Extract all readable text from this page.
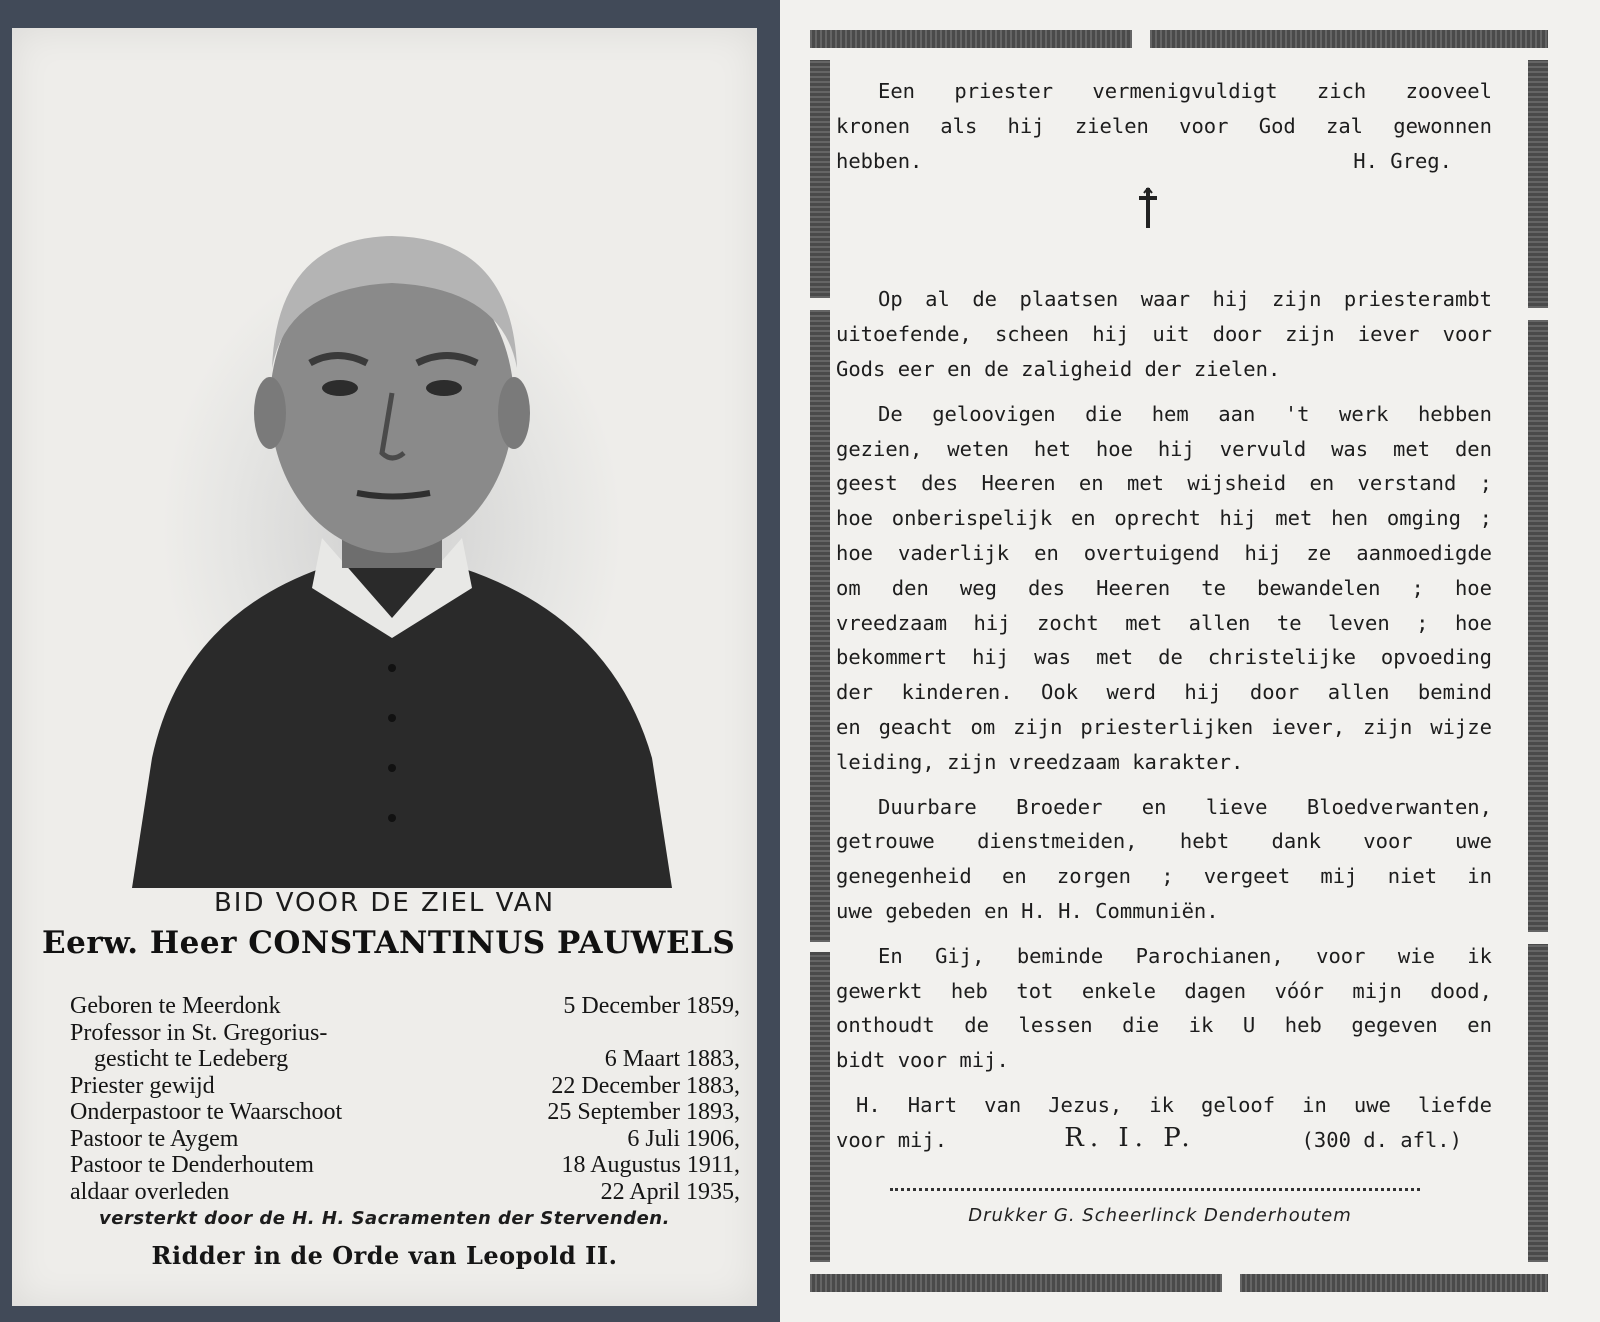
BID VOOR DE ZIEL VAN
Eerw. Heer CONSTANTINUS PAUWELS
Geboren te Meerdonk	5 December 1859,
Professor in St. Gregorius-
gesticht te Ledeberg	6 Maart 1883,
Priester gewijd	22 December 1883,
Onderpastoor te Waarschoot	25 September 1893,
Pastoor te Aygem	6 Juli 1906,
Pastoor te Denderhoutem	18 Augustus 1911,
aldaar overleden	22 April 1935,
versterkt door de H. H. Sacramenten der Stervenden.
Ridder in de Orde van Leopold II.

Een priester vermenigvuldigt zich zooveel

kronen als hij zielen voor God zal gewonnen

hebben.	H. Greg.

Op al de plaatsen waar hij zijn priesterambt

uitoefende, scheen hij uit door zijn iever voor

Gods eer en de zaligheid der zielen.

De geloovigen die hem aan 't werk hebben

gezien, weten het hoe hij vervuld was met den

geest des Heeren en met wijsheid en verstand ;

hoe onberispelijk en oprecht hij met hen omging ;

hoe vaderlijk en overtuigend hij ze aanmoedigde

om den weg des Heeren te bewandelen ; hoe

vreedzaam hij zocht met allen te leven ; hoe

bekommert hij was met de christelijke opvoeding

der kinderen. Ook werd hij door allen bemind

en geacht om zijn priesterlijken iever, zijn wijze

leiding, zijn vreedzaam karakter.

Duurbare Broeder en lieve Bloedverwanten,

getrouwe dienstmeiden, hebt dank voor uwe

genegenheid en zorgen ; vergeet mij niet in

uwe gebeden en H. H. Communiën.

En Gij, beminde Parochianen, voor wie ik

gewerkt heb tot enkele dagen vóór mijn dood,

onthoudt de lessen die ik U heb gegeven en

bidt voor mij.

H. Hart van Jezus, ik geloof in uwe liefde

voor mij.	(300 d. afl.)

R. I. P.
Drukker G. Scheerlinck Denderhoutem
